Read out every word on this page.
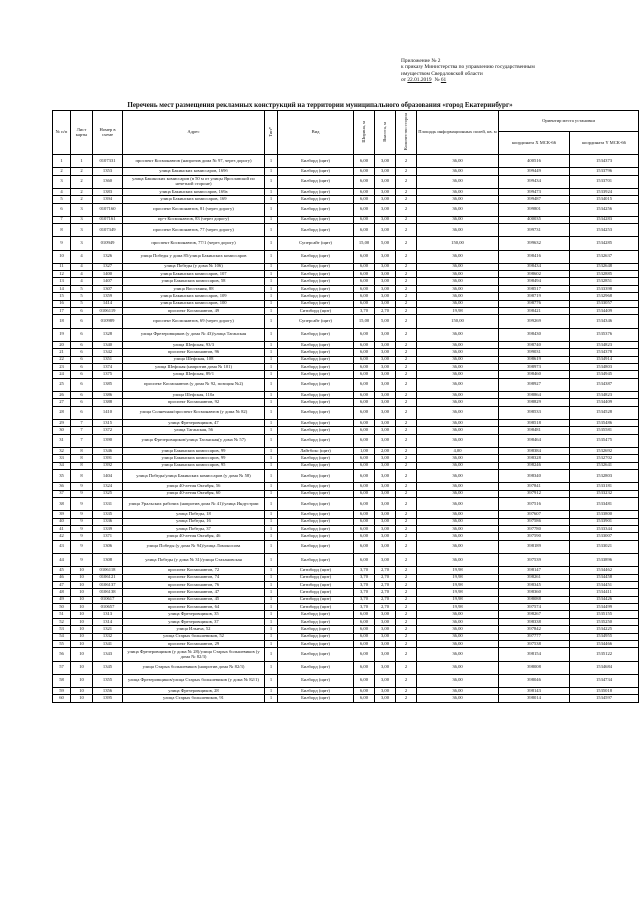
Приложение № 2
к приказу Министерства по управлению государственным
имуществом Свердловской области
от 22.01.2019 № 61
Перечень мест размещения рекламных конструкций на территории муниципального образования «город Екатеринбург»
№ п/п	Лист карты	Номер в схеме	Адрес	Тип*	Вид	Ширина, м	Высота, м	Количество сторон	Площадь информационных полей, кв. м	Ориентир места установки	
										координата X МСК-66	координата Y МСК-66
1	1	0107331	проспект Космонавтов (напротив дома № 97, через дорогу)	1	Билборд (щит)	6,00	3,00	2	36,00	400516	1534373
2	2	1353	улица Бакинских комиссаров, 169б	1	Билборд (щит)	6,00	3,00	2	36,00	399449	1533796
3	2	1360	улица Бакинских комиссаров (в 50 м от улицы Ярославской по нечетной стороне)	1	Билборд (щит)	6,00	3,00	2	36,00	399434	1533701
4	2	1383	улица Бакинских комиссаров, 169а	1	Билборд (щит)	6,00	3,00	2	36,00	399473	1533924
5	2	1394	улица Бакинских комиссаров, 169	1	Билборд (щит)	6,00	3,00	2	36,00	399487	1534015
6	3	0107160	проспект Космонавтов, 81 (через дорогу)	1	Билборд (щит)	6,00	3,00	2	36,00	399801	1534256
7	3	0107161	пр-т Космонавтов, 83 (через дорогу)	1	Билборд (щит)	6,00	3,00	2	36,00	400035	1534283
8	3	0107349	проспект Космонавтов, 77 (через дорогу)	1	Билборд (щит)	6,00	3,00	2	36,00	399731	1534253
9	3	010949	проспект Космонавтов, 77/1 (через дорогу)	1	Суперсайт (щит)	15,00	5,00	2	150,00	399632	1534285
10	4	1326	улица Победы у дома 85/улица Бакинских комиссаров	1	Билборд (щит)	6,00	3,00	2	36,00	398416	1532637
11	4	1327	улица Победы (у дома № 106)	1	Билборд (щит)	6,00	3,00	2	36,00	398434	1532648
12	4	1400	улица Бакинских комиссаров, 107	1	Билборд (щит)	6,00	3,00	2	36,00	398602	1532885
13	4	1407	улица Бакинских комиссаров, 58	1	Билборд (щит)	6,00	3,00	2	36,00	398494	1532851
14	5	1307	улица Восстания, 88	1	Билборд (щит)	6,00	3,00	2	36,00	398517	1533398
15	5	1359	улица Бакинских комиссаров, 109	1	Билборд (щит)	6,00	3,00	2	36,00	398719	1532968
16	5	1414	улица Бакинских комиссаров, 100	1	Билборд (щит)	6,00	3,00	2	36,00	398776	1533057
17	6	0106119	проспект Космонавтов, 49	1	Ситиборд (щит)	3,70	2,70	2	19,98	398421	1534409
18	6	010989	проспект Космонавтов, 69 (через дорогу)	1	Суперсайт (щит)	15,00	5,00	2	150,00	399269	1534346
19	6	1328	улица Фрезеровщиков (у дома № 43)/улица Таганская	1	Билборд (щит)	6,00	3,00	2	36,00	398430	1535376
20	6	1340	улица Шефская, 93/3	1	Билборд (щит)	6,00	3,00	2	36,00	398740	1534823
21	6	1342	проспект Космонавтов, 96	1	Билборд (щит)	6,00	3,00	2	36,00	399031	1534378
22	6	1351	улица Шефская, 108	1	Билборд (щит)	6,00	3,00	2	36,00	398619	1534914
23	6	1374	улица Шефская (напротив дома № 101)	1	Билборд (щит)	6,00	3,00	2	36,00	398973	1534803
24	6	1375	улица Шефская, 89/1	1	Билборд (щит)	6,00	3,00	2	36,00	398460	1534945
25	6	1385	проспект Космонавтов (у дома № 92, позиция №2)	1	Билборд (щит)	6,00	3,00	2	36,00	398927	1534387
26	6	1386	улица Шефская, 110а	1	Билборд (щит)	6,00	3,00	2	36,00	398864	1534823
27	6	1388	проспект Космонавтов, 92	1	Билборд (щит)	6,00	3,00	2	36,00	398829	1534409
28	6	1410	улица Солнечная/проспект Космонавтов (у дома № 82)	1	Билборд (щит)	6,00	3,00	2	36,00	398533	1534528
29	7	1315	улица Фрезеровщиков, 47	1	Билборд (щит)	6,00	3,00	2	36,00	398518	1535486
30	7	1372	улица Таганская, 56	1	Билборд (щит)	6,00	3,00	2	36,00	398481	1535581
31	7	1390	улица Фрезеровщиков/улица Таганская(у дома № 57)	1	Билборд (щит)	6,00	3,00	2	36,00	398464	1535475
32	8	1346	улица Бакинских комиссаров, 99	1	Лайтбокс (щит)	1,00	2,00	2	4,00	398384	1532692
33	8	1391	улица Бакинских комиссаров, 99	1	Билборд (щит)	6,00	3,00	2	36,00	398328	1532702
34	8	1392	улица Бакинских комиссаров, 95	1	Билборд (щит)	6,00	3,00	2	36,00	398246	1532641
35	8	1404	улица Победы/улица Бакинских комиссаров (у дома № 58)	1	Билборд (щит)	6,00	3,00	2	36,00	398340	1532803
36	9	1324	улица 40-летия Октября, 56	1	Билборд (щит)	6,00	3,00	2	36,00	397841	1533181
37	9	1325	улица 40-летия Октября, 60	1	Билборд (щит)	6,00	3,00	2	36,00	397912	1533232
38	9	1331	улица Уральских рабочих (напротив дома № 41)/улица Индустрии	1	Билборд (щит)	6,00	3,00	2	36,00	397516	1533481
39	9	1335	улица Победы, 18	1	Билборд (щит)	6,00	3,00	2	36,00	397607	1533800
40	9	1336	улица Победы, 16	1	Билборд (щит)	6,00	3,00	2	36,00	397586	1533901
41	9	1339	улица Победы, 37	1	Билборд (щит)	6,00	3,00	2	36,00	397780	1533344
42	9	1371	улица 40-летия Октября, 46	1	Билборд (щит)	6,00	3,00	2	36,00	397590	1533007
43	9	1306	улица Победы (у дома № 94)/улица Ломоносова	1	Билборд (щит)	6,00	3,00	2	36,00	398189	1533021
44	9	1308	улица Победы (у дома № 31)/улица Стахановская	1	Билборд (щит)	6,00	3,00	2	36,00	397539	1533896
45	10	0106118	проспект Космонавтов, 72	1	Ситиборд (щит)	3,70	2,70	2	19,98	398147	1534462
46	10	0106121	проспект Космонавтов, 74	1	Ситиборд (щит)	3,70	2,70	2	19,98	398261	1534458
47	10	0106137	проспект Космонавтов, 76	1	Ситиборд (щит)	3,70	2,70	2	19,98	398345	1534451
48	10	0106138	проспект Космонавтов, 47	1	Ситиборд (щит)	3,70	2,70	2	19,98	398360	1534411
49	10	010617	проспект Космонавтов, 45	1	Ситиборд (щит)	3,70	2,70	2	19,98	398088	1534426
50	10	010657	проспект Космонавтов, 64	1	Ситиборд (щит)	3,70	2,70	2	19,98	397574	1534499
51	10	1313	улица Фрезеровщиков, 35	1	Билборд (щит)	6,00	3,00	2	36,00	398267	1535155
52	10	1314	улица Фрезеровщиков, 37	1	Билборд (щит)	6,00	3,00	2	36,00	398338	1535250
53	10	1321	улица Ильича, 52	1	Билборд (щит)	6,00	3,00	2	36,00	397842	1534225
54	10	1332	улица Старых большевиков, 52	1	Билборд (щит)	6,00	3,00	2	36,00	397777	1534955
55	10	1341	проспект Космонавтов, 29	1	Билборд (щит)	6,00	3,00	2	36,00	397538	1534466
56	10	1343	улица Фрезеровщиков (у дома № 28)/улица Старых большевиков (у дома № 82/3)	1	Билборд (щит)	6,00	3,00	2	36,00	398154	1535122
57	10	1345	улица Старых большевиков (напротив дома № 82/3)	1	Билборд (щит)	6,00	3,00	2	36,00	398008	1534684
58	10	1355	улица Фрезеровщиков/улица Старых большевиков (у дома № 82/1)	1	Билборд (щит)	6,00	3,00	2	36,00	398046	1534734
59	10	1356	улица Фрезеровщиков, 28	1	Билборд (щит)	6,00	3,00	2	36,00	398143	1535018
60	10	1395	улица Старых большевиков, 91	1	Билборд (щит)	6,00	3,00	2	36,00	398014	1534597
